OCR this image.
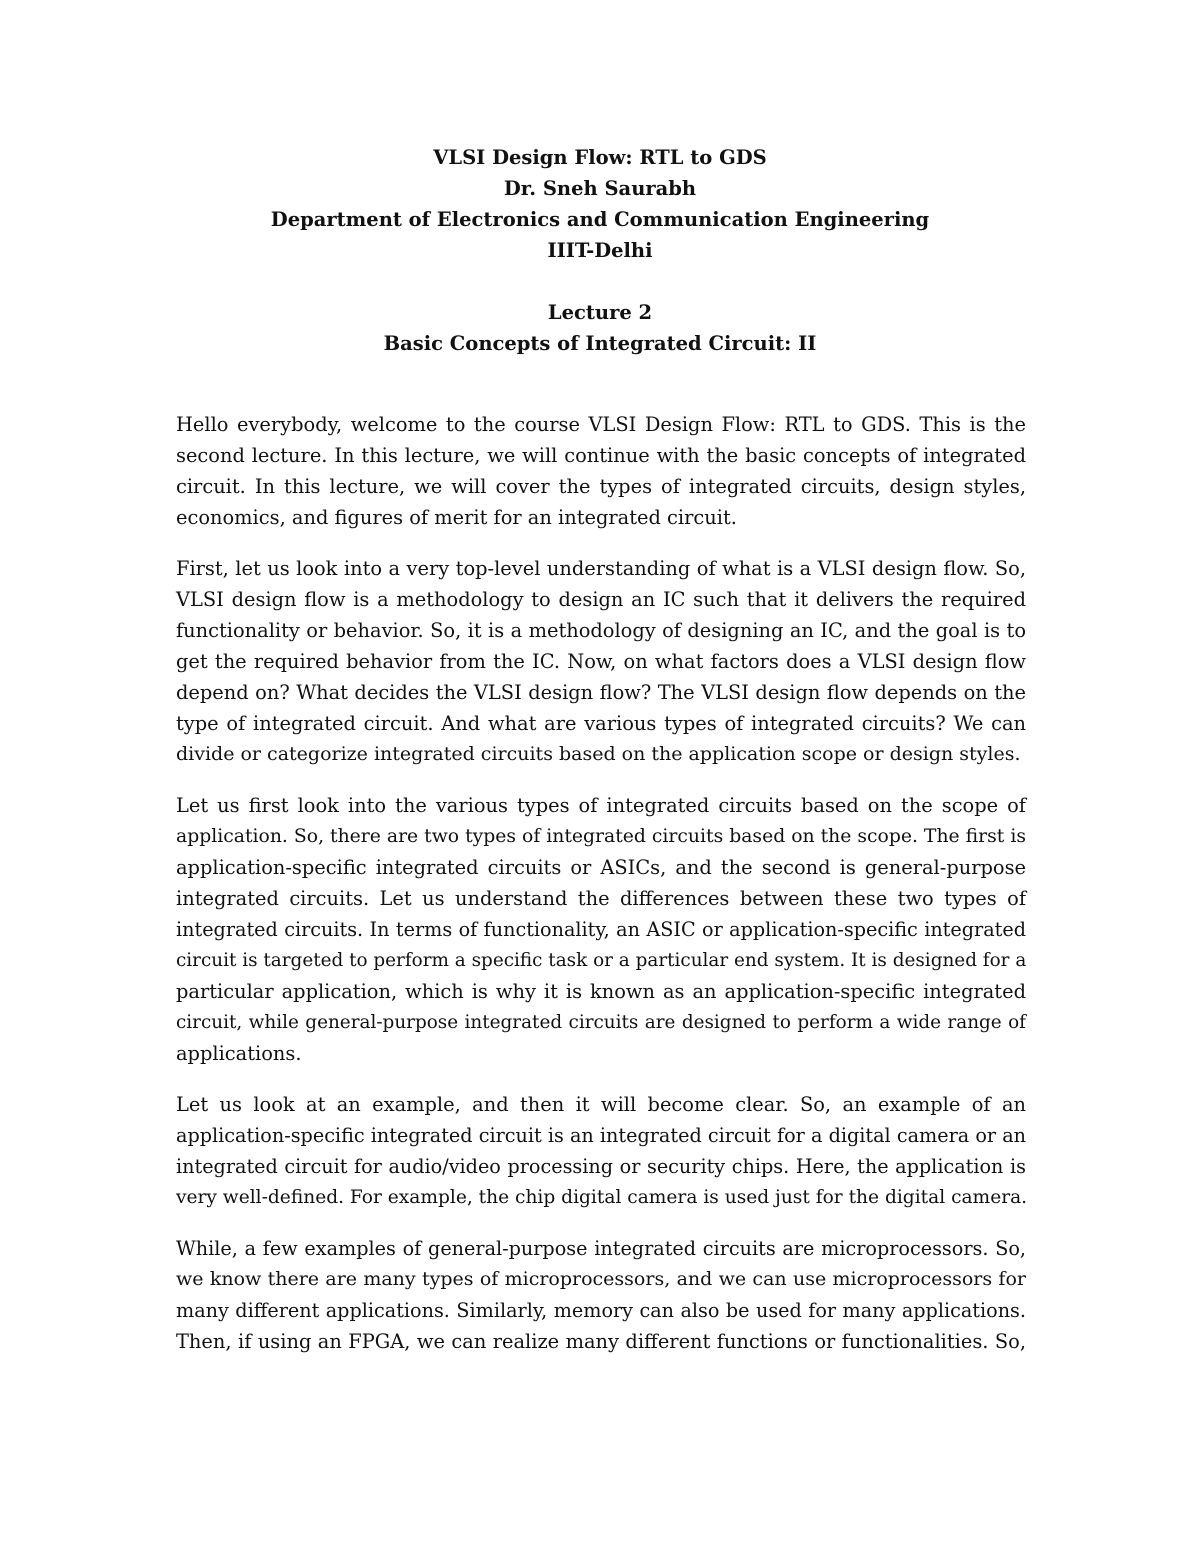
VLSI Design Flow: RTL to GDS
Dr. Sneh Saurabh
Department of Electronics and Communication Engineering
IIIT-Delhi
Lecture 2
Basic Concepts of Integrated Circuit: II
Hello everybody, welcome to the course VLSI Design Flow: RTL to GDS. This is the
second lecture. In this lecture, we will continue with the basic concepts of integrated
circuit. In this lecture, we will cover the types of integrated circuits, design styles,
economics, and figures of merit for an integrated circuit.
First, let us look into a very top-level understanding of what is a VLSI design flow. So,
VLSI design flow is a methodology to design an IC such that it delivers the required
functionality or behavior. So, it is a methodology of designing an IC, and the goal is to
get the required behavior from the IC. Now, on what factors does a VLSI design flow
depend on? What decides the VLSI design flow? The VLSI design flow depends on the
type of integrated circuit. And what are various types of integrated circuits? We can
divide or categorize integrated circuits based on the application scope or design styles.
Let us first look into the various types of integrated circuits based on the scope of
application. So, there are two types of integrated circuits based on the scope. The first is
application-specific integrated circuits or ASICs, and the second is general-purpose
integrated circuits. Let us understand the differences between these two types of
integrated circuits. In terms of functionality, an ASIC or application-specific integrated
circuit is targeted to perform a specific task or a particular end system. It is designed for a
particular application, which is why it is known as an application-specific integrated
circuit, while general-purpose integrated circuits are designed to perform a wide range of
applications.
Let us look at an example, and then it will become clear. So, an example of an
application-specific integrated circuit is an integrated circuit for a digital camera or an
integrated circuit for audio/video processing or security chips. Here, the application is
very well-defined. For example, the chip digital camera is used just for the digital camera.
While, a few examples of general-purpose integrated circuits are microprocessors. So,
we know there are many types of microprocessors, and we can use microprocessors for
many different applications. Similarly, memory can also be used for many applications.
Then, if using an FPGA, we can realize many different functions or functionalities. So,
